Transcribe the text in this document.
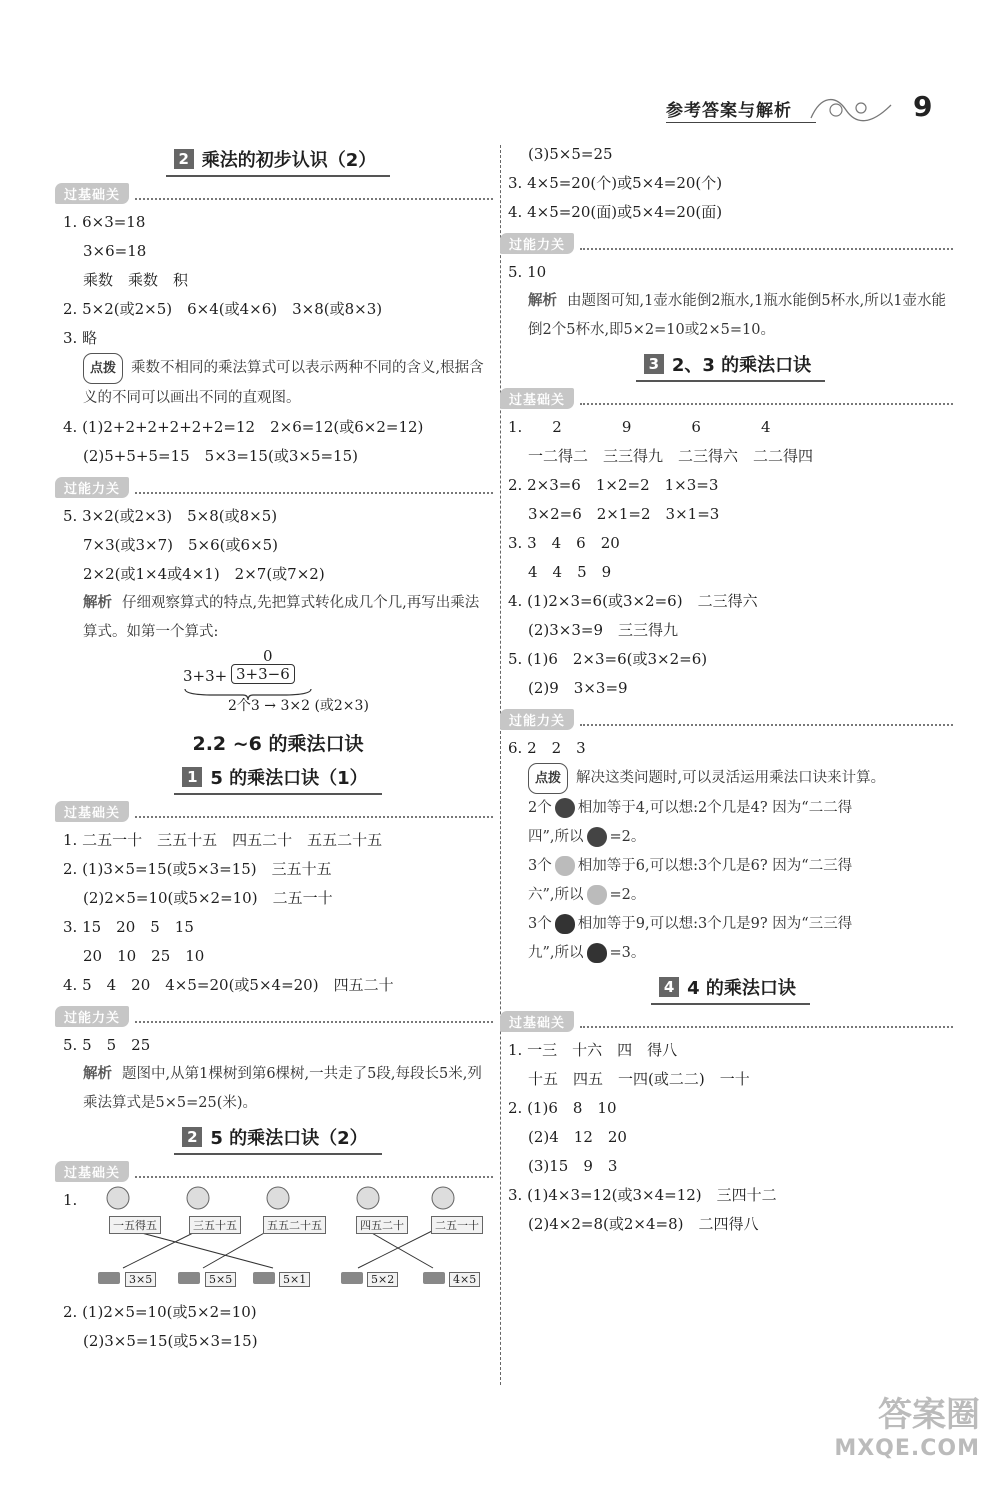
参考答案与解析	9
2 乘法的初步认识（2）
过基础关
1. 6×3=18
3×6=18
乘数　乘数　积
2. 5×2(或2×5)　6×4(或4×6)　3×8(或8×3)
3. 略
点拨 乘数不相同的乘法算式可以表示两种不同的含义,根据含义的不同可以画出不同的直观图。
4. (1)2+2+2+2+2+2=12　2×6=12(或6×2=12)
(2)5+5+5=15　5×3=15(或3×5=15)
过能力关
5. 3×2(或2×3)　5×8(或8×5)
7×3(或3×7)　5×6(或6×5)
2×2(或1×4或4×1)　2×7(或7×2)
解析 仔细观察算式的特点,先把算式转化成几个几,再写出乘法算式。如第一个算式:
0
3+3+ 3+3−6
2个3 → 3×2 (或2×3)
2.2 ~6 的乘法口诀
1 5 的乘法口诀（1）
过基础关
1. 二五一十　三五十五　四五二十　五五二十五
2. (1)3×5=15(或5×3=15)　三五十五
(2)2×5=10(或5×2=10)　二五一十
3. 15　20　5　15
20　10　25　10
4. 5　4　20　4×5=20(或5×4=20)　四五二十
过能力关
5. 5　5　25
解析 题图中,从第1棵树到第6棵树,一共走了5段,每段长5米,列乘法算式是5×5=25(米)。
2 5 的乘法口诀（2）
过基础关
1.
一五得五	三五十五	五五二十五	四五二十	二五一十
3×5	5×5	5×1	5×2	4×5
2. (1)2×5=10(或5×2=10)
(2)3×5=15(或5×3=15)
(3)5×5=25
3. 4×5=20(个)或5×4=20(个)
4. 4×5=20(面)或5×4=20(面)
过能力关
5. 10
解析 由题图可知,1壶水能倒2瓶水,1瓶水能倒5杯水,所以1壶水能倒2个5杯水,即5×2=10或2×5=10。
3 2、3 的乘法口诀
过基础关
1.　　2　　　　9　　　　6　　　　4
一二得二　三三得九　二三得六　二二得四
2. 2×3=6　1×2=2　1×3=3
3×2=6　2×1=2　3×1=3
3. 3　4　6　20
4　4　5　9
4. (1)2×3=6(或3×2=6)　二三得六
(2)3×3=9　三三得九
5. (1)6　2×3=6(或3×2=6)
(2)9　3×3=9
过能力关
6. 2　2　3
点拨 解决这类问题时,可以灵活运用乘法口诀来计算。
2个 相加等于4,可以想:2个几是4? 因为“二二得
四”,所以 =2。
3个 相加等于6,可以想:3个几是6? 因为“二三得
六”,所以 =2。
3个 相加等于9,可以想:3个几是9? 因为“三三得
九”,所以 =3。
4 4 的乘法口诀
过基础关
1. 一三　十六　四　得八
十五　四五　一四(或二二)　一十
2. (1)6　8　10
(2)4　12　20
(3)15　9　3
3. (1)4×3=12(或3×4=12)　三四十二
(2)4×2=8(或2×4=8)　二四得八
答案圈
MXQE.COM
